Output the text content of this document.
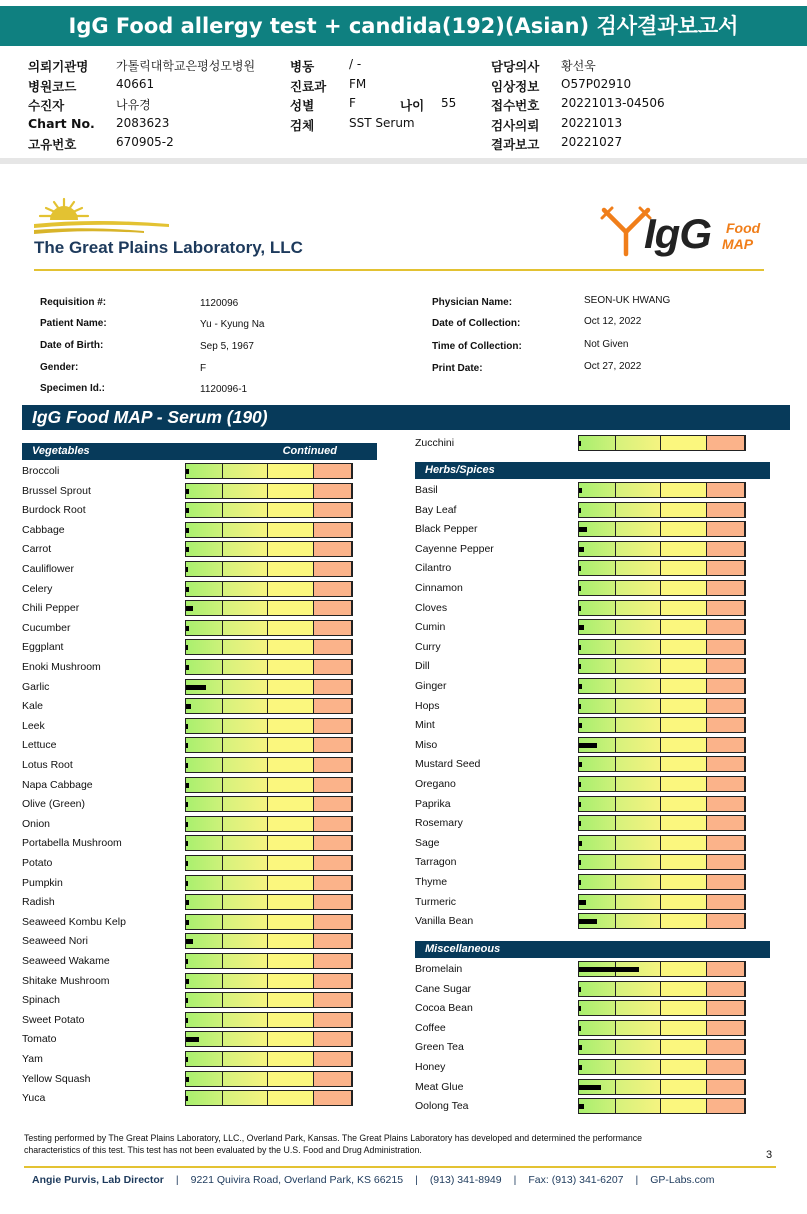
IgG Food allergy test + candida(192)(Asian) 검사결과보고서
의뢰기관명 가톨릭대학교은평성모병원
병원코드	40661
수진자	나유경
Chart No. 2083623
고유번호	670905-2
병동	/ -
진료과 FM
성별	F
검체	SST Serum
담당의사 황선욱
임상정보 O57P02910
접수번호 20221013-04506
검사의뢰 20221013
결과보고 20221027
나이 55
The Great Plains Laboratory, LLC	IgG Food
MAP
Requisition #:	1120096
Patient Name:	Yu - Kyung Na
Date of Birth:	Sep 5, 1967
Gender:	F
Specimen Id.:	1120096-1
Physician Name:	SEON-UK HWANG
Date of Collection:	Oct 12, 2022
Time of Collection:	Not Given
Print Date:	Oct 27, 2022
IgG Food MAP - Serum (190)
Vegetables	Continued
Broccoli
Brussel Sprout
Burdock Root
Cabbage
Carrot
Cauliflower
Celery
Chili Pepper
Cucumber
Eggplant
Enoki Mushroom
Garlic
Kale
Leek
Lettuce
Lotus Root
Napa Cabbage
Olive (Green)
Onion
Portabella Mushroom
Potato
Pumpkin
Radish
Seaweed Kombu Kelp
Seaweed Nori
Seaweed Wakame
Shitake Mushroom
Spinach
Sweet Potato
Tomato
Yam
Yellow Squash
Yuca
Zucchini
Herbs/Spices
Basil
Bay Leaf
Black Pepper
Cayenne Pepper
Cilantro
Cinnamon
Cloves
Cumin
Curry
Dill
Ginger
Hops
Mint
Miso
Mustard Seed
Oregano
Paprika
Rosemary
Sage
Tarragon
Thyme
Turmeric
Vanilla Bean
Miscellaneous
Bromelain
Cane Sugar
Cocoa Bean
Coffee
Green Tea
Honey
Meat Glue
Oolong Tea
Testing performed by The Great Plains Laboratory, LLC., Overland Park, Kansas. The Great Plains Laboratory has developed and determined the performance
characteristics of this test. This test has not been evaluated by the U.S. Food and Drug Administration.	3
Angie Purvis, Lab Director | 9221 Quivira Road, Overland Park, KS 66215 | (913) 341-8949 | Fax: (913) 341-6207 | GP-Labs.com
